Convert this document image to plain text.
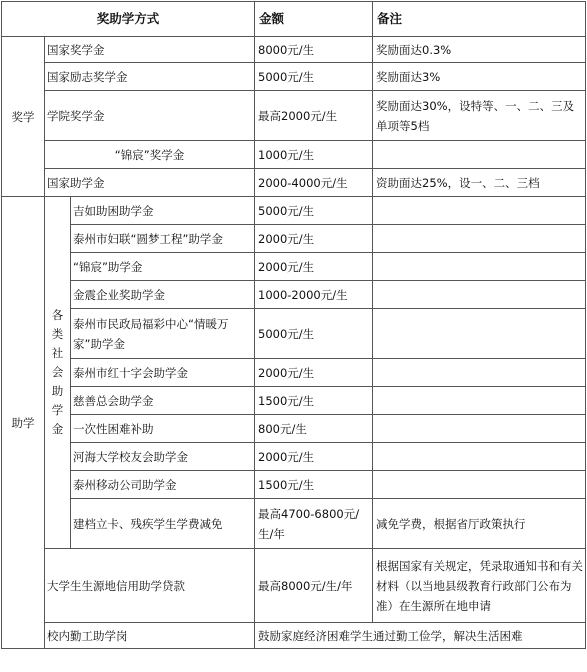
奖助学方式			金额	备注
奖学	国家奖学金		8000元/生	奖励面达0.3%
	国家励志奖学金		5000元/生	奖励面达3%
	学院奖学金		最高2000元/生	奖励面达30%，设特等、一、二、三及单项等5档
	“锦宸”奖学金		1000元/生	
	国家助学金		2000-4000元/生	资助面达25%，设一、二、三档
助学	各类社会助学金	吉如助困助学金	5000元/生	
		泰州市妇联“圆梦工程”助学金	2000元/生	
		“锦宸”助学金	2000元/生	
		金震企业奖助学金	1000-2000元/生	
		泰州市民政局福彩中心“情暖万家”助学金	5000元/生	
		泰州市红十字会助学金	2000元/生	
		慈善总会助学金	1500元/生	
		一次性困难补助	800元/生	
		河海大学校友会助学金	2000元/生	
		泰州移动公司助学金	1500元/生	
		建档立卡、残疾学生学费减免	最高4700-6800元/生/年	减免学费，根据省厅政策执行
	大学生生源地信用助学贷款		最高8000元/生/年	根据国家有关规定，凭录取通知书和有关材料（以当地县级教育行政部门公布为准）在生源所在地申请
	校内勤工助学岗		鼓励家庭经济困难学生通过勤工俭学，解决生活困难	
